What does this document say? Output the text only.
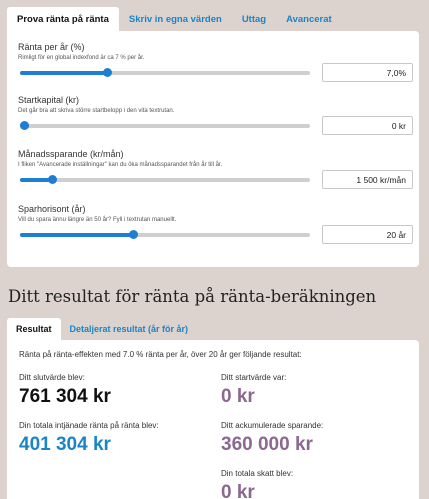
Prova ränta på ränta	Skriv in egna värden	Uttag	Avancerat
Ränta per år (%)
Rimligt för en global indexfond är ca 7 % per år.
7,0%
Startkapital (kr)
Det går bra att skriva större startbelopp i den vita textrutan.
0 kr
Månadssparande (kr/mån)
I fliken "Avancerade inställningar" kan du öka månadssparandet från år till år.
1 500 kr/mån
Sparhorisont (år)
Vill du spara ännu längre än 50 år? Fyll i textrutan manuellt.
20 år
Ditt resultat för ränta på ränta-beräkningen
Resultat	Detaljerat resultat (år för år)
Ränta på ränta-effekten med 7.0 % ränta per år, över 20 år ger följande resultat:
Ditt slutvärde blev:
761 304 kr
Din totala intjänade ränta på ränta blev:
401 304 kr
Ditt startvärde var:
0 kr
Ditt ackumulerade sparande:
360 000 kr
Din totala skatt blev:
0 kr
